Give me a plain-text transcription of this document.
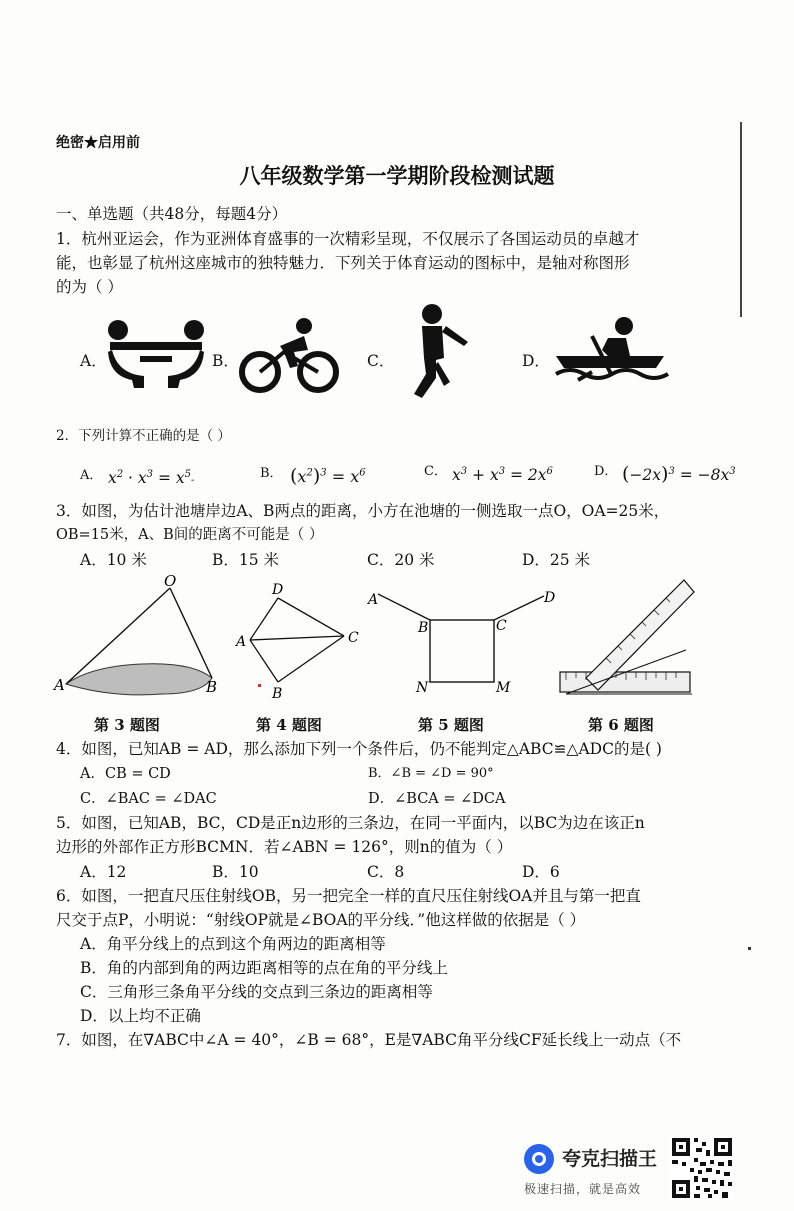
绝密★启用前
八年级数学第一学期阶段检测试题
一、单选题（共48分，每题4分）
1．杭州亚运会，作为亚洲体育盛事的一次精彩呈现，不仅展示了各国运动员的卓越才
能，也彰显了杭州这座城市的独特魅力．下列关于体育运动的图标中，是轴对称图形
的为（ ）
A．	B．	C．	D．
2．下列计算不正确的是（ ）
A． $x^2 \cdot x^3 = x^5-$	B． $(x^2)^3 = x^6$	C． $x^3 + x^3 = 2x^6$	D． $(-2x)^3 = -8x^3$
3．如图，为估计池塘岸边A、B两点的距离，小方在池塘的一侧选取一点O，OA=25米，
OB=15米，A、B间的距离不可能是（ ）
A．10 米	B．15 米	C．20 米	D．25 米
O
A	B
D
A	C
B
A	D
B	C
N	M
第 3 题图	第 4 题图	第 5 题图	第 6 题图
4．如图，已知AB = AD，那么添加下列一个条件后，仍不能判定△ABC≌△ADC的是( )
A．CB = CD	B．∠B = ∠D = 90°
C．∠BAC = ∠DAC	D．∠BCA = ∠DCA
5．如图，已知AB，BC，CD是正n边形的三条边，在同一平面内，以BC为边在该正n
边形的外部作正方形BCMN．若∠ABN = 126°，则n的值为（ ）
A．12	B．10	C．8	D．6
6．如图，一把直尺压住射线OB，另一把完全一样的直尺压住射线OA并且与第一把直
尺交于点P，小明说：“射线OP就是∠BOA的平分线．”他这样做的依据是（ ）
A．角平分线上的点到这个角两边的距离相等
B．角的内部到角的两边距离相等的点在角的平分线上
C．三角形三条角平分线的交点到三条边的距离相等
D．以上均不正确
7．如图，在∇ABC中∠A = 40°，∠B = 68°，E是∇ABC角平分线CF延长线上一动点（不
夸克扫描王
极速扫描，就是高效
